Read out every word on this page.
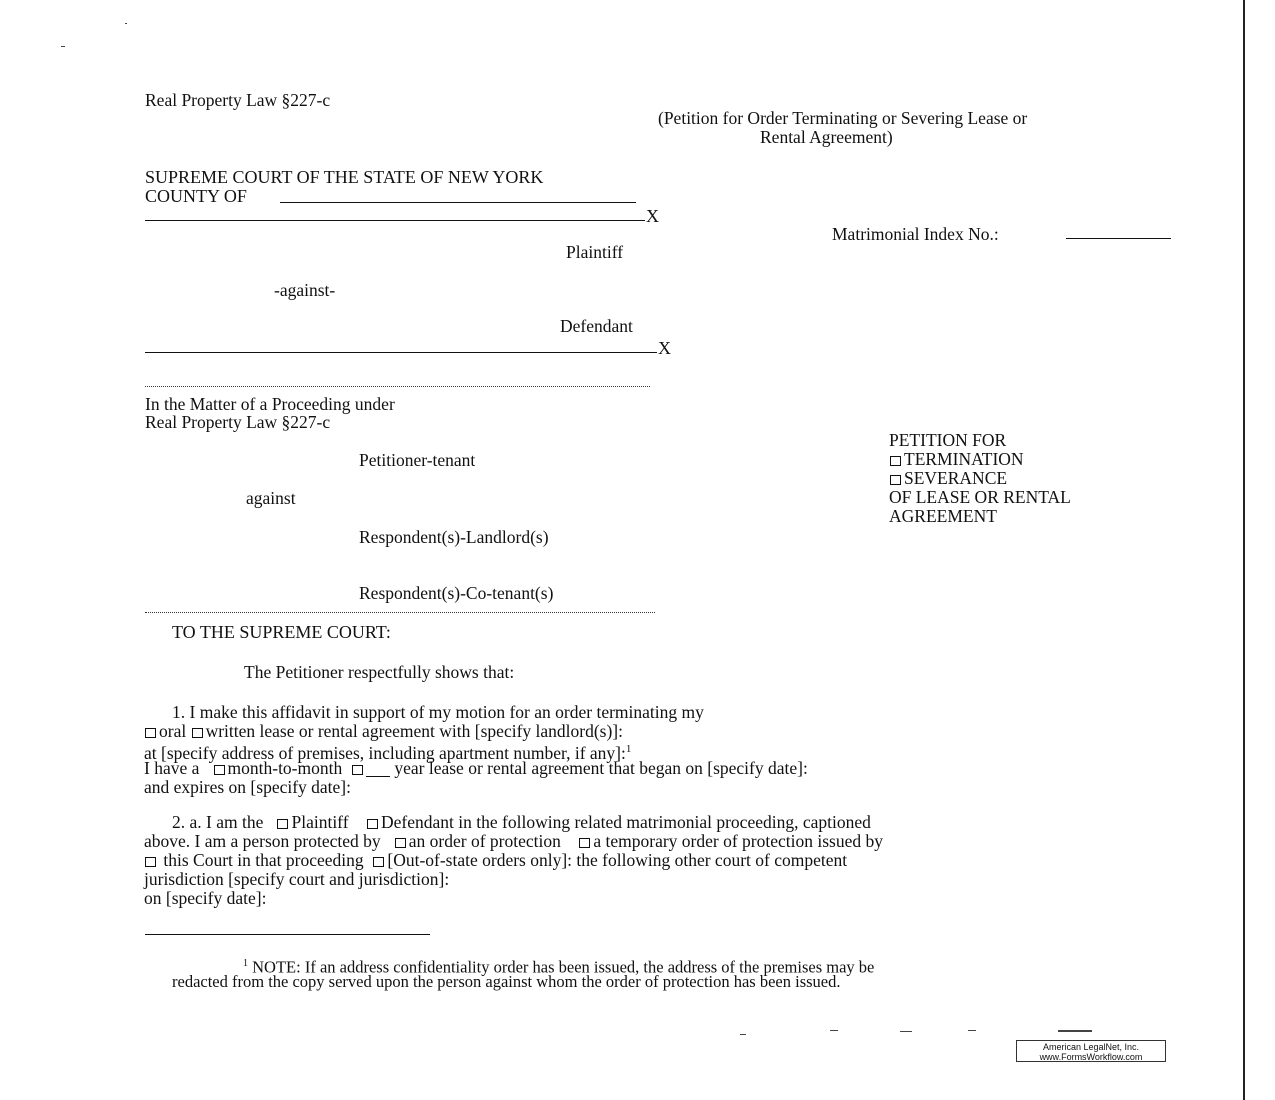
Real Property Law §227-c
(Petition for Order Terminating or Severing Lease or
Rental Agreement)
SUPREME COURT OF THE STATE OF NEW YORK
COUNTY OF
X
Matrimonial Index No.:
Plaintiff
-against-
Defendant
X
In the Matter of a Proceeding under
Real Property Law §227-c
Petitioner-tenant
against
Respondent(s)-Landlord(s)
Respondent(s)-Co-tenant(s)
PETITION FOR
TERMINATION
SEVERANCE
OF LEASE OR RENTAL
AGREEMENT
TO THE SUPREME COURT:
The Petitioner respectfully shows that:
1. I make this affidavit in support of my motion for an order terminating my
oral written lease or rental agreement with [specify landlord(s)]:
at [specify address of premises, including apartment number, if any]:$^1$
I have a month-to-month	year lease or rental agreement that began on [specify date]:
and expires on [specify date]:
2. a. I am the Plaintiff Defendant in the following related matrimonial proceeding, captioned
above. I am a person protected by an order of protection a temporary order of protection issued by
this Court in that proceeding [Out-of-state orders only]: the following other court of competent
jurisdiction [specify court and jurisdiction]:
on [specify date]:
$^1$ NOTE: If an address confidentiality order has been issued, the address of the premises may be
redacted from the copy served upon the person against whom the order of protection has been issued.
American LegalNet, Inc.
www.FormsWorkflow.com
